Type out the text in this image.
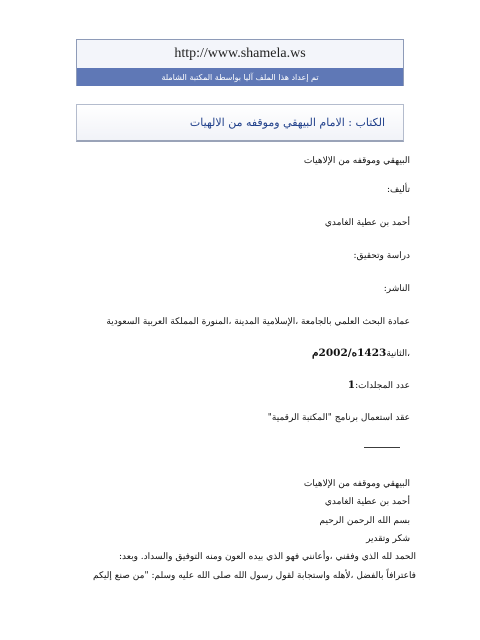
http://www.shamela.ws
تم إعداد هذا الملف آليا بواسطة المكتبة الشاملة
الكتاب : الامام البيهقي وموقفه من الالهيات
البيهقي وموقفه من الإلاهيات
تأليف:
أحمد بن عطية الغامدي
دراسة وتحقيق:
الناشر:
عمادة البحث العلمي بالجامعة ،الإسلامية المدينة ،المنورة المملكة العربية السعودية
،الثانية1423ه/2002م
عدد المجلدات:1
عقد استعمال برنامج "المكتبة الرقمية"
________
البيهقي وموقفه من الإلاهيات
أحمد بن عطية الغامدي
بسم الله الرحمن الرحيم
شكر وتقدير
الحمد لله الذي وفقني ،وأعانني فهو الذي بيده العون ومنه التوفيق والسداد. وبعد:
فاعترافاً بالفضل ،لأهله واستجابة لقول رسول الله صلى الله عليه وسلم: "من صنع إليكم
